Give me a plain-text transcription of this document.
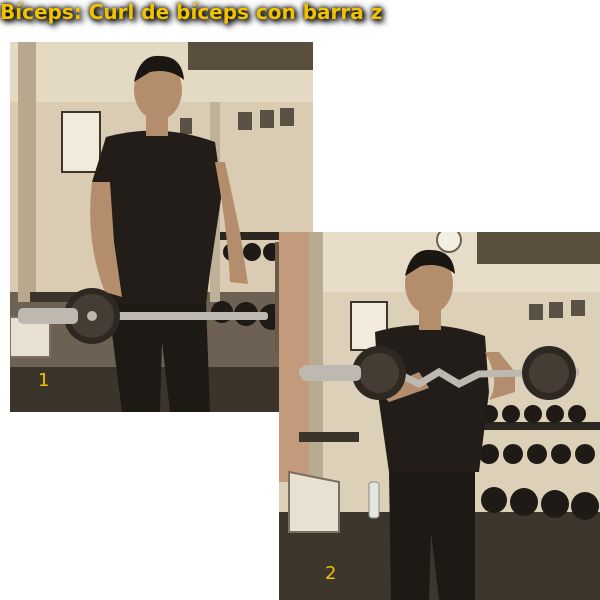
Bíceps: Curl de bíceps con barra z
1
2
